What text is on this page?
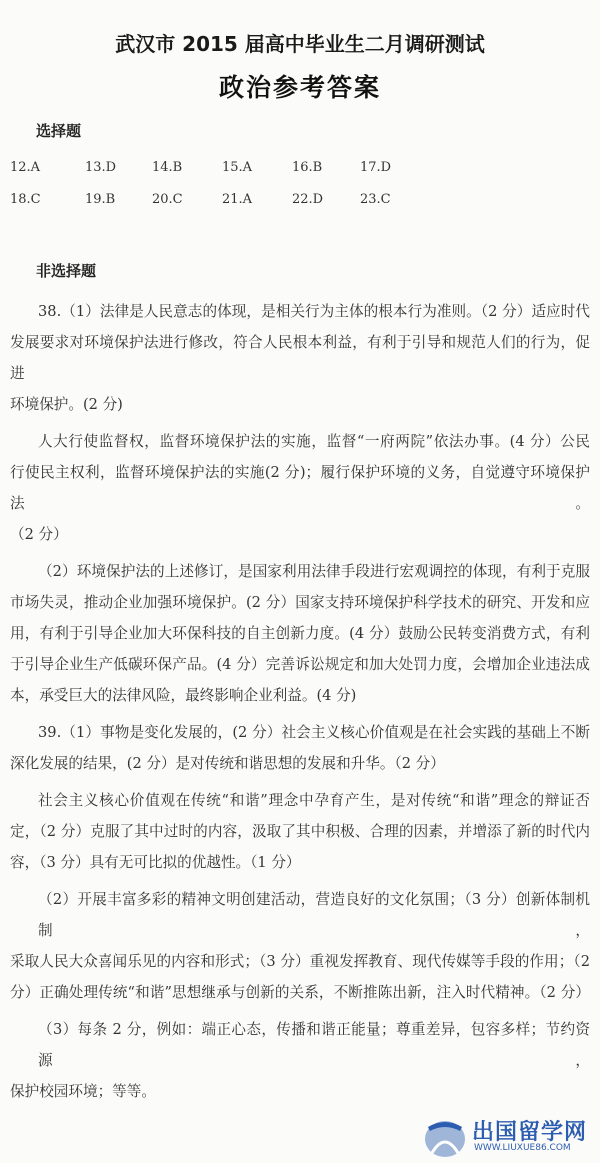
武汉市 2015 届高中毕业生二月调研测试
政治参考答案
选择题
12.A	13.D	14.B	15.A	16.B	17.D
18.C	19.B	20.C	21.A	22.D	23.C
非选择题
38.（1）法律是人民意志的体现，是相关行为主体的根本行为准则。（2 分）适应时代
发展要求对环境保护法进行修改，符合人民根本利益，有利于引导和规范人们的行为，促进
环境保护。(2 分)
人大行使监督权，监督环境保护法的实施，监督“一府两院”依法办事。(4 分）公民
行使民主权利，监督环境保护法的实施(2 分)；履行保护环境的义务，自觉遵守环境保护法。
（2 分）
（2）环境保护法的上述修订，是国家利用法律手段进行宏观调控的体现，有利于克服
市场失灵，推动企业加强环境保护。(2 分）国家支持环境保护科学技术的研究、开发和应
用，有利于引导企业加大环保科技的自主创新力度。(4 分）鼓励公民转变消费方式，有利
于引导企业生产低碳环保产品。(4 分）完善诉讼规定和加大处罚力度，会增加企业违法成
本，承受巨大的法律风险，最终影响企业利益。(4 分)
39.（1）事物是变化发展的，(2 分）社会主义核心价值观是在社会实践的基础上不断
深化发展的结果，(2 分）是对传统和谐思想的发展和升华。（2 分）
社会主义核心价值观在传统“和谐”理念中孕育产生，是对传统“和谐”理念的辩证否
定，（2 分）克服了其中过时的内容，汲取了其中积极、合理的因素，并增添了新的时代内
容，（3 分）具有无可比拟的优越性。（1 分）
（2）开展丰富多彩的精神文明创建活动，营造良好的文化氛围；（3 分）创新体制机制，
采取人民大众喜闻乐见的内容和形式；（3 分）重视发挥教育、现代传媒等手段的作用；（2
分）正确处理传统“和谐”思想继承与创新的关系，不断推陈出新，注入时代精神。（2 分）
（3）每条 2 分，例如：端正心态，传播和谐正能量；尊重差异，包容多样；节约资源，
保护校园环境；等等。
出国留学网
WWW.LIUXUE86.COM
